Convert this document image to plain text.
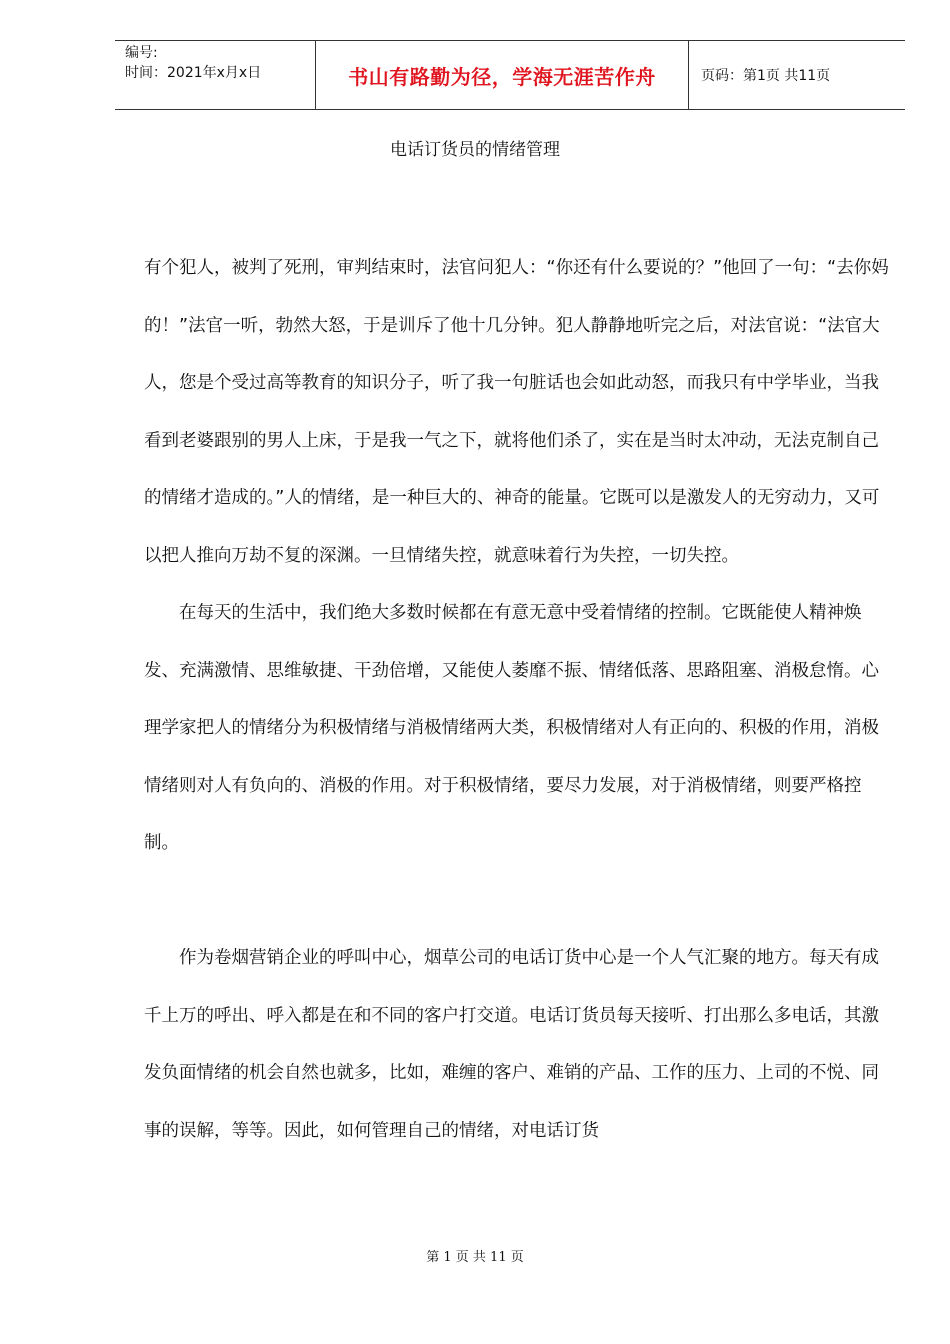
编号:
时间：2021年x月x日	书山有路勤为径，学海无涯苦作舟	页码：第1页 共11页
电话订货员的情绪管理

有个犯人，被判了死刑，审判结束时，法官问犯人：“你还有什么要说的？”他回了一句：“去你妈的！”法官一听，勃然大怒，于是训斥了他十几分钟。犯人静静地听完之后，对法官说：“法官大人，您是个受过高等教育的知识分子，听了我一句脏话也会如此动怒，而我只有中学毕业，当我看到老婆跟别的男人上床，于是我一气之下，就将他们杀了，实在是当时太冲动，无法克制自己的情绪才造成的。”人的情绪，是一种巨大的、神奇的能量。它既可以是激发人的无穷动力，又可以把人推向万劫不复的深渊。一旦情绪失控，就意味着行为失控，一切失控。

在每天的生活中，我们绝大多数时候都在有意无意中受着情绪的控制。它既能使人精神焕发、充满激情、思维敏捷、干劲倍增，又能使人萎靡不振、情绪低落、思路阻塞、消极怠惰。心理学家把人的情绪分为积极情绪与消极情绪两大类，积极情绪对人有正向的、积极的作用，消极情绪则对人有负向的、消极的作用。对于积极情绪，要尽力发展，对于消极情绪，则要严格控制。

作为卷烟营销企业的呼叫中心，烟草公司的电话订货中心是一个人气汇聚的地方。每天有成千上万的呼出、呼入都是在和不同的客户打交道。电话订货员每天接听、打出那么多电话，其激发负面情绪的机会自然也就多，比如，难缠的客户、难销的产品、工作的压力、上司的不悦、同事的误解，等等。因此，如何管理自己的情绪，对电话订货

第 1 页 共 11 页
